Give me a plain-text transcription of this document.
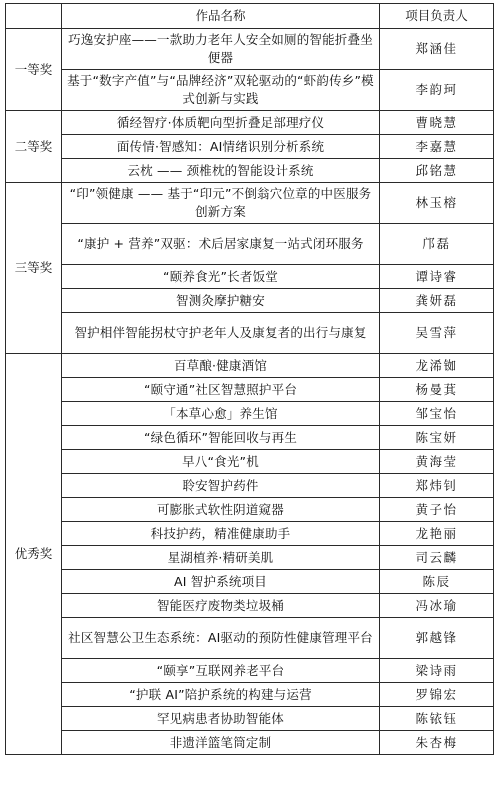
	作品名称	项目负责人
一等奖	巧逸安护座——一款助力老年人安全如厕的智能折叠坐便器	郑涵佳
	基于“数字产值”与“品牌经济”双轮驱动的“虾韵传乡”模式创新与实践	李韵珂
二等奖	循经智疗·体质靶向型折叠足部理疗仪	曹晓慧
	面传情·智感知：AI情绪识别分析系统	李嘉慧
	云枕 —— 颈椎枕的智能设计系统	邱铭慧
三等奖	“印”领健康 —— 基于“印元”不倒翁穴位章的中医服务创新方案	林玉榕
	“康护 + 营养”双驱：术后居家康复一站式闭环服务	邝磊
	“颐养食光”长者饭堂	谭诗睿
	智测灸摩护糖安	龚妍磊
	智护相伴智能拐杖守护老年人及康复者的出行与康复	吴雪萍
优秀奖	百草酿·健康酒馆	龙浠铷
	“颐守通”社区智慧照护平台	杨曼萁
	「本草心愈」养生馆	邹宝怡
	“绿色循环”智能回收与再生	陈宝妍
	早八“食光”机	黄海莹
	聆安智护药件	郑炜钊
	可膨胀式软性阴道窥器	黄子怡
	科技护药，精准健康助手	龙艳丽
	星湖植养·精研美肌	司云麟
	AI 智护系统项目	陈辰
	智能医疗废物类垃圾桶	冯冰瑜
	社区智慧公卫生态系统：AI驱动的预防性健康管理平台	郭越锋
	“颐享”互联网养老平台	梁诗雨
	“护联 AI”陪护系统的构建与运营	罗锦宏
	罕见病患者协助智能体	陈铱钰
	非遗洋篮笔筒定制	朱杏梅
